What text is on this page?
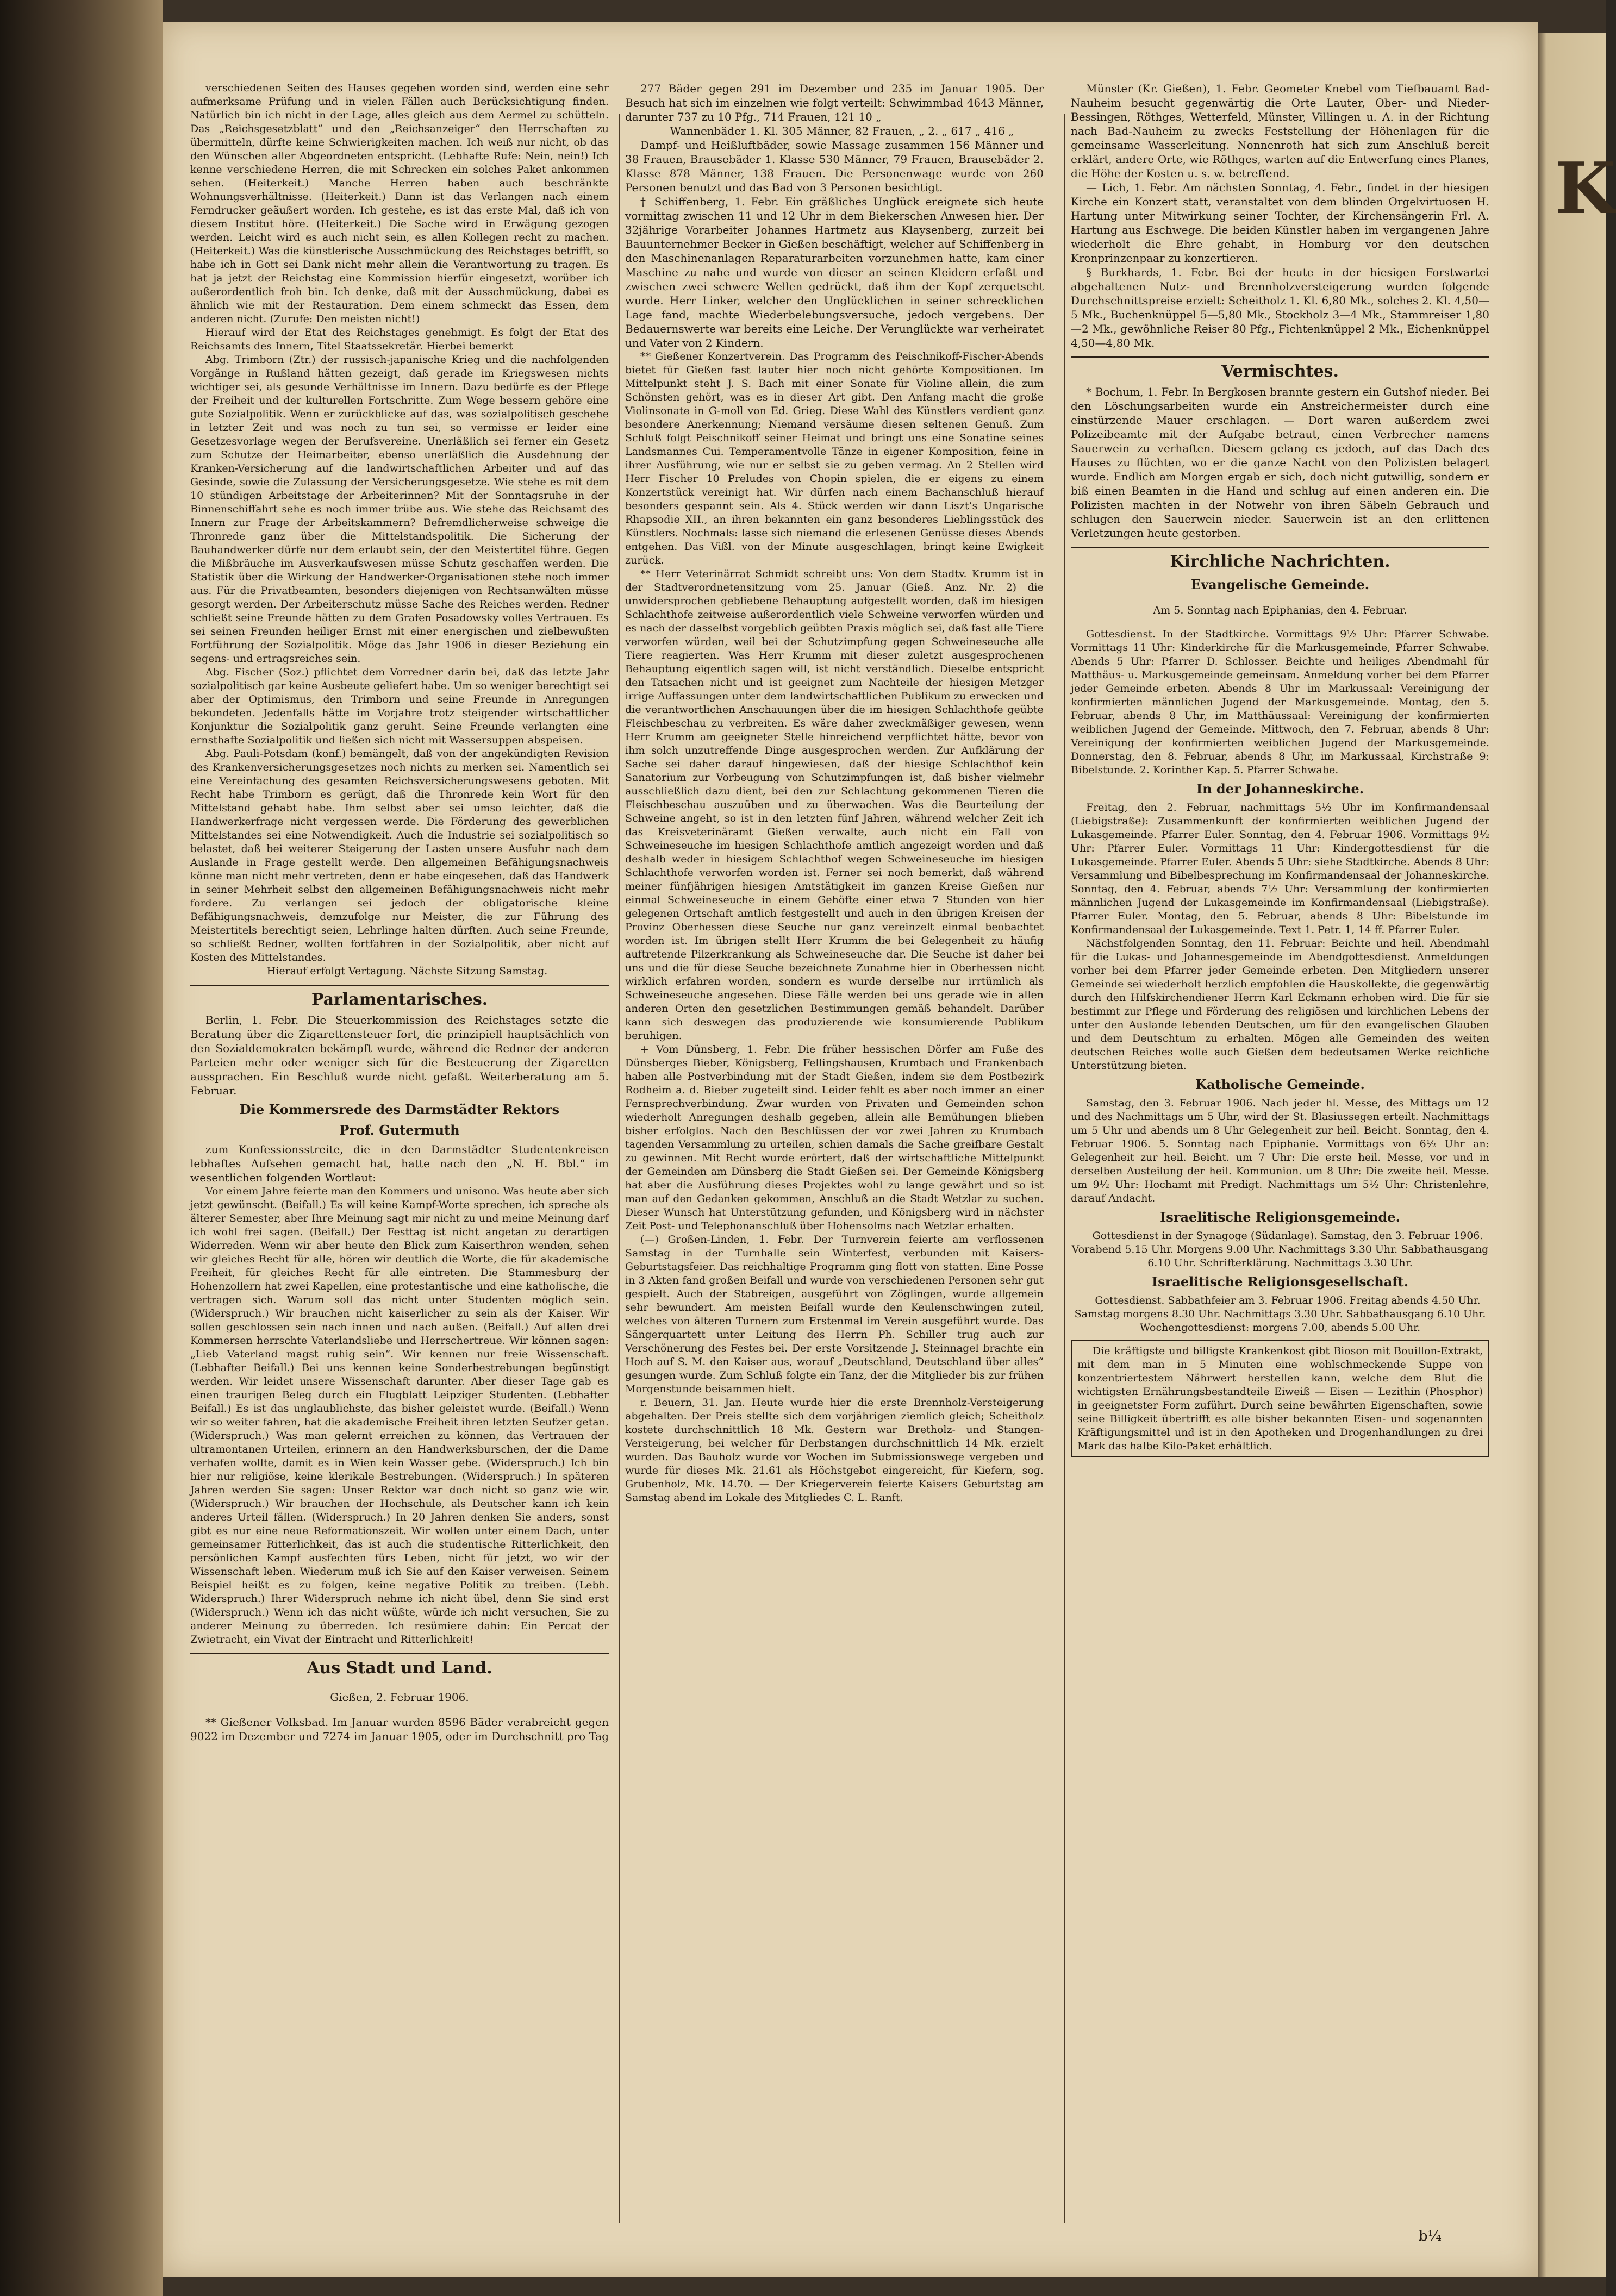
K

verschiedenen Seiten des Hauses gegeben worden sind, werden eine sehr aufmerksame Prüfung und in vielen Fällen auch Berücksichtigung finden. Natürlich bin ich nicht in der Lage, alles gleich aus dem Aermel zu schütteln. Das „Reichsgesetzblatt“ und den „Reichsanzeiger“ den Herrschaften zu übermitteln, dürfte keine Schwierigkeiten machen. Ich weiß nur nicht, ob das den Wünschen aller Abgeordneten entspricht. (Lebhafte Rufe: Nein, nein!) Ich kenne verschiedene Herren, die mit Schrecken ein solches Paket ankommen sehen. (Heiterkeit.) Manche Herren haben auch beschränkte Wohnungsverhältnisse. (Heiterkeit.) Dann ist das Verlangen nach einem Ferndrucker geäußert worden. Ich gestehe, es ist das erste Mal, daß ich von diesem Institut höre. (Heiterkeit.) Die Sache wird in Erwägung gezogen werden. Leicht wird es auch nicht sein, es allen Kollegen recht zu machen. (Heiterkeit.) Was die künstlerische Ausschmückung des Reichstages betrifft, so habe ich in Gott sei Dank nicht mehr allein die Verantwortung zu tragen. Es hat ja jetzt der Reichstag eine Kommission hierfür eingesetzt, worüber ich außerordentlich froh bin. Ich denke, daß mit der Ausschmückung, dabei es ähnlich wie mit der Restauration. Dem einem schmeckt das Essen, dem anderen nicht. (Zurufe: Den meisten nicht!)

Hierauf wird der Etat des Reichstages genehmigt. Es folgt der Etat des Reichsamts des Innern, Titel Staatssekretär. Hierbei bemerkt

Abg. Trimborn (Ztr.) der russisch-japanische Krieg und die nachfolgenden Vorgänge in Rußland hätten gezeigt, daß gerade im Kriegswesen nichts wichtiger sei, als gesunde Verhältnisse im Innern. Dazu bedürfe es der Pflege der Freiheit und der kulturellen Fortschritte. Zum Wege bessern gehöre eine gute Sozialpolitik. Wenn er zurückblicke auf das, was sozialpolitisch geschehe in letzter Zeit und was noch zu tun sei, so vermisse er leider eine Gesetzesvorlage wegen der Berufsvereine. Unerläßlich sei ferner ein Gesetz zum Schutze der Heimarbeiter, ebenso unerläßlich die Ausdehnung der Kranken-Versicherung auf die landwirtschaftlichen Arbeiter und auf das Gesinde, sowie die Zulassung der Versicherungsgesetze. Wie stehe es mit dem 10 stündigen Arbeitstage der Arbeiterinnen? Mit der Sonntagsruhe in der Binnenschiffahrt sehe es noch immer trübe aus. Wie stehe das Reichsamt des Innern zur Frage der Arbeitskammern? Befremdlicherweise schweige die Thronrede ganz über die Mittelstandspolitik. Die Sicherung der Bauhandwerker dürfe nur dem erlaubt sein, der den Meistertitel führe. Gegen die Mißbräuche im Ausverkaufswesen müsse Schutz geschaffen werden. Die Statistik über die Wirkung der Handwerker-Organisationen stehe noch immer aus. Für die Privatbeamten, besonders diejenigen von Rechtsanwälten müsse gesorgt werden. Der Arbeiterschutz müsse Sache des Reiches werden. Redner schließt seine Freunde hätten zu dem Grafen Posadowsky volles Vertrauen. Es sei seinen Freunden heiliger Ernst mit einer energischen und zielbewußten Fortführung der Sozialpolitik. Möge das Jahr 1906 in dieser Beziehung ein segens- und ertragsreiches sein.

Abg. Fischer (Soz.) pflichtet dem Vorredner darin bei, daß das letzte Jahr sozialpolitisch gar keine Ausbeute geliefert habe. Um so weniger berechtigt sei aber der Optimismus, den Trimborn und seine Freunde in Anregungen bekundeten. Jedenfalls hätte im Vorjahre trotz steigender wirtschaftlicher Konjunktur die Sozialpolitik ganz geruht. Seine Freunde verlangten eine ernsthafte Sozialpolitik und ließen sich nicht mit Wassersuppen abspeisen.

Abg. Pauli-Potsdam (konf.) bemängelt, daß von der angekündigten Revision des Krankenversicherungsgesetzes noch nichts zu merken sei. Namentlich sei eine Vereinfachung des gesamten Reichsversicherungswesens geboten. Mit Recht habe Trimborn es gerügt, daß die Thronrede kein Wort für den Mittelstand gehabt habe. Ihm selbst aber sei umso leichter, daß die Handwerkerfrage nicht vergessen werde. Die Förderung des gewerblichen Mittelstandes sei eine Notwendigkeit. Auch die Industrie sei sozialpolitisch so belastet, daß bei weiterer Steigerung der Lasten unsere Ausfuhr nach dem Auslande in Frage gestellt werde. Den allgemeinen Befähigungsnachweis könne man nicht mehr vertreten, denn er habe eingesehen, daß das Handwerk in seiner Mehrheit selbst den allgemeinen Befähigungsnachweis nicht mehr fordere. Zu verlangen sei jedoch der obligatorische kleine Befähigungsnachweis, demzufolge nur Meister, die zur Führung des Meistertitels berechtigt seien, Lehrlinge halten dürften. Auch seine Freunde, so schließt Redner, wollten fortfahren in der Sozialpolitik, aber nicht auf Kosten des Mittelstandes.

Hierauf erfolgt Vertagung. Nächste Sitzung Samstag.

Parlamentarisches.

Berlin, 1. Febr. Die Steuerkommission des Reichstages setzte die Beratung über die Zigarettensteuer fort, die prinzipiell hauptsächlich von den Sozialdemokraten bekämpft wurde, während die Redner der anderen Parteien mehr oder weniger sich für die Besteuerung der Zigaretten aussprachen. Ein Beschluß wurde nicht gefaßt. Weiterberatung am 5. Februar.

Die Kommersrede des Darmstädter Rektors
Prof. Gutermuth

zum Konfessionsstreite, die in den Darmstädter Studentenkreisen lebhaftes Aufsehen gemacht hat, hatte nach den „N. H. Bbl.“ im wesentlichen folgenden Wortlaut:

Vor einem Jahre feierte man den Kommers und unisono. Was heute aber sich jetzt gewünscht. (Beifall.) Es will keine Kampf-Worte sprechen, ich spreche als älterer Semester, aber Ihre Meinung sagt mir nicht zu und meine Meinung darf ich wohl frei sagen. (Beifall.) Der Festtag ist nicht angetan zu derartigen Widerreden. Wenn wir aber heute den Blick zum Kaiserthron wenden, sehen wir gleiches Recht für alle, hören wir deutlich die Worte, die für akademische Freiheit, für gleiches Recht für alle eintreten. Die Stammesburg der Hohenzollern hat zwei Kapellen, eine protestantische und eine katholische, die vertragen sich. Warum soll das nicht unter Studenten möglich sein. (Widerspruch.) Wir brauchen nicht kaiserlicher zu sein als der Kaiser. Wir sollen geschlossen sein nach innen und nach außen. (Beifall.) Auf allen drei Kommersen herrschte Vaterlandsliebe und Herrschertreue. Wir können sagen: „Lieb Vaterland magst ruhig sein“. Wir kennen nur freie Wissenschaft. (Lebhafter Beifall.) Bei uns kennen keine Sonderbestrebungen begünstigt werden. Wir leidet unsere Wissenschaft darunter. Aber dieser Tage gab es einen traurigen Beleg durch ein Flugblatt Leipziger Studenten. (Lebhafter Beifall.) Es ist das unglaublichste, das bisher geleistet wurde. (Beifall.) Wenn wir so weiter fahren, hat die akademische Freiheit ihren letzten Seufzer getan. (Widerspruch.) Was man gelernt erreichen zu können, das Vertrauen der ultramontanen Urteilen, erinnern an den Handwerksburschen, der die Dame verhafen wollte, damit es in Wien kein Wasser gebe. (Widerspruch.) Ich bin hier nur religiöse, keine klerikale Bestrebungen. (Widerspruch.) In späteren Jahren werden Sie sagen: Unser Rektor war doch nicht so ganz wie wir. (Widerspruch.) Wir brauchen der Hochschule, als Deutscher kann ich kein anderes Urteil fällen. (Widerspruch.) In 20 Jahren denken Sie anders, sonst gibt es nur eine neue Reformationszeit. Wir wollen unter einem Dach, unter gemeinsamer Ritterlichkeit, das ist auch die studentische Ritterlichkeit, den persönlichen Kampf ausfechten fürs Leben, nicht für jetzt, wo wir der Wissenschaft leben. Wiederum muß ich Sie auf den Kaiser verweisen. Seinem Beispiel heißt es zu folgen, keine negative Politik zu treiben. (Lebh. Widerspruch.) Ihrer Widerspruch nehme ich nicht übel, denn Sie sind erst (Widerspruch.) Wenn ich das nicht wüßte, würde ich nicht versuchen, Sie zu anderer Meinung zu überreden. Ich resümiere dahin: Ein Percat der Zwietracht, ein Vivat der Eintracht und Ritterlichkeit!

Aus Stadt und Land.

Gießen, 2. Februar 1906.

** Gießener Volksbad. Im Januar wurden 8596 Bäder verabreicht gegen 9022 im Dezember und 7274 im Januar 1905, oder im Durchschnitt pro Tag

277 Bäder gegen 291 im Dezember und 235 im Januar 1905. Der Besuch hat sich im einzelnen wie folgt verteilt: Schwimmbad 4643 Männer, darunter 737 zu 10 Pfg., 714 Frauen, 121 10 „

Wannenbäder 1. Kl. 305 Männer, 82 Frauen, „ 2. „ 617 „ 416 „

Dampf- und Heißluftbäder, sowie Massage zusammen 156 Männer und 38 Frauen, Brausebäder 1. Klasse 530 Männer, 79 Frauen, Brausebäder 2. Klasse 878 Männer, 138 Frauen. Die Personenwage wurde von 260 Personen benutzt und das Bad von 3 Personen besichtigt.

† Schiffenberg, 1. Febr. Ein gräßliches Unglück ereignete sich heute vormittag zwischen 11 und 12 Uhr in dem Biekerschen Anwesen hier. Der 32jährige Vorarbeiter Johannes Hartmetz aus Klaysenberg, zurzeit bei Bauunternehmer Becker in Gießen beschäftigt, welcher auf Schiffenberg in den Maschinenanlagen Reparaturarbeiten vorzunehmen hatte, kam einer Maschine zu nahe und wurde von dieser an seinen Kleidern erfaßt und zwischen zwei schwere Wellen gedrückt, daß ihm der Kopf zerquetscht wurde. Herr Linker, welcher den Unglücklichen in seiner schrecklichen Lage fand, machte Wiederbelebungsversuche, jedoch vergebens. Der Bedauernswerte war bereits eine Leiche. Der Verunglückte war verheiratet und Vater von 2 Kindern.

** Gießener Konzertverein. Das Programm des Peischnikoff-Fischer-Abends bietet für Gießen fast lauter hier noch nicht gehörte Kompositionen. Im Mittelpunkt steht J. S. Bach mit einer Sonate für Violine allein, die zum Schönsten gehört, was es in dieser Art gibt. Den Anfang macht die große Violinsonate in G-moll von Ed. Grieg. Diese Wahl des Künstlers verdient ganz besondere Anerkennung; Niemand versäume diesen seltenen Genuß. Zum Schluß folgt Peischnikoff seiner Heimat und bringt uns eine Sonatine seines Landsmannes Cui. Temperamentvolle Tänze in eigener Komposition, feine in ihrer Ausführung, wie nur er selbst sie zu geben vermag. An 2 Stellen wird Herr Fischer 10 Preludes von Chopin spielen, die er eigens zu einem Konzertstück vereinigt hat. Wir dürfen nach einem Bachanschluß hierauf besonders gespannt sein. Als 4. Stück werden wir dann Liszt’s Ungarische Rhapsodie XII., an ihren bekannten ein ganz besonderes Lieblingsstück des Künstlers. Nochmals: lasse sich niemand die erlesenen Genüsse dieses Abends entgehen. Das Vißl. von der Minute ausgeschlagen, bringt keine Ewigkeit zurück.

** Herr Veterinärrat Schmidt schreibt uns: Von dem Stadtv. Krumm ist in der Stadtverordnetensitzung vom 25. Januar (Gieß. Anz. Nr. 2) die unwidersprochen gebliebene Behauptung aufgestellt worden, daß im hiesigen Schlachthofe zeitweise außerordentlich viele Schweine verworfen würden und es nach der dasselbst vorgeblich geübten Praxis möglich sei, daß fast alle Tiere verworfen würden, weil bei der Schutzimpfung gegen Schweineseuche alle Tiere reagierten. Was Herr Krumm mit dieser zuletzt ausgesprochenen Behauptung eigentlich sagen will, ist nicht verständlich. Dieselbe entspricht den Tatsachen nicht und ist geeignet zum Nachteile der hiesigen Metzger irrige Auffassungen unter dem landwirtschaftlichen Publikum zu erwecken und die verantwortlichen Anschauungen über die im hiesigen Schlachthofe geübte Fleischbeschau zu verbreiten. Es wäre daher zweckmäßiger gewesen, wenn Herr Krumm am geeigneter Stelle hinreichend verpflichtet hätte, bevor von ihm solch unzutreffende Dinge ausgesprochen werden. Zur Aufklärung der Sache sei daher darauf hingewiesen, daß der hiesige Schlachthof kein Sanatorium zur Vorbeugung von Schutzimpfungen ist, daß bisher vielmehr ausschließlich dazu dient, bei den zur Schlachtung gekommenen Tieren die Fleischbeschau auszuüben und zu überwachen. Was die Beurteilung der Schweine angeht, so ist in den letzten fünf Jahren, während welcher Zeit ich das Kreisveterinäramt Gießen verwalte, auch nicht ein Fall von Schweineseuche im hiesigen Schlachthofe amtlich angezeigt worden und daß deshalb weder in hiesigem Schlachthof wegen Schweineseuche im hiesigen Schlachthofe verworfen worden ist. Ferner sei noch bemerkt, daß während meiner fünfjährigen hiesigen Amtstätigkeit im ganzen Kreise Gießen nur einmal Schweineseuche in einem Gehöfte einer etwa 7 Stunden von hier gelegenen Ortschaft amtlich festgestellt und auch in den übrigen Kreisen der Provinz Oberhessen diese Seuche nur ganz vereinzelt einmal beobachtet worden ist. Im übrigen stellt Herr Krumm die bei Gelegenheit zu häufig auftretende Pilzerkrankung als Schweineseuche dar. Die Seuche ist daher bei uns und die für diese Seuche bezeichnete Zunahme hier in Oberhessen nicht wirklich erfahren worden, sondern es wurde derselbe nur irrtümlich als Schweineseuche angesehen. Diese Fälle werden bei uns gerade wie in allen anderen Orten den gesetzlichen Bestimmungen gemäß behandelt. Darüber kann sich deswegen das produzierende wie konsumierende Publikum beruhigen.

+ Vom Dünsberg, 1. Febr. Die früher hessischen Dörfer am Fuße des Dünsberges Bieber, Königsberg, Fellingshausen, Krumbach und Frankenbach haben alle Postverbindung mit der Stadt Gießen, indem sie dem Postbezirk Rodheim a. d. Bieber zugeteilt sind. Leider fehlt es aber noch immer an einer Fernsprechverbindung. Zwar wurden von Privaten und Gemeinden schon wiederholt Anregungen deshalb gegeben, allein alle Bemühungen blieben bisher erfolglos. Nach den Beschlüssen der vor zwei Jahren zu Krumbach tagenden Versammlung zu urteilen, schien damals die Sache greifbare Gestalt zu gewinnen. Mit Recht wurde erörtert, daß der wirtschaftliche Mittelpunkt der Gemeinden am Dünsberg die Stadt Gießen sei. Der Gemeinde Königsberg hat aber die Ausführung dieses Projektes wohl zu lange gewährt und so ist man auf den Gedanken gekommen, Anschluß an die Stadt Wetzlar zu suchen. Dieser Wunsch hat Unterstützung gefunden, und Königsberg wird in nächster Zeit Post- und Telephonanschluß über Hohensolms nach Wetzlar erhalten.

(—) Großen-Linden, 1. Febr. Der Turnverein feierte am verflossenen Samstag in der Turnhalle sein Winterfest, verbunden mit Kaisers-Geburtstagsfeier. Das reichhaltige Programm ging flott von statten. Eine Posse in 3 Akten fand großen Beifall und wurde von verschiedenen Personen sehr gut gespielt. Auch der Stabreigen, ausgeführt von Zöglingen, wurde allgemein sehr bewundert. Am meisten Beifall wurde den Keulenschwingen zuteil, welches von älteren Turnern zum Erstenmal im Verein ausgeführt wurde. Das Sängerquartett unter Leitung des Herrn Ph. Schiller trug auch zur Verschönerung des Festes bei. Der erste Vorsitzende J. Steinnagel brachte ein Hoch auf S. M. den Kaiser aus, worauf „Deutschland, Deutschland über alles“ gesungen wurde. Zum Schluß folgte ein Tanz, der die Mitglieder bis zur frühen Morgenstunde beisammen hielt.

r. Beuern, 31. Jan. Heute wurde hier die erste Brennholz-Versteigerung abgehalten. Der Preis stellte sich dem vorjährigen ziemlich gleich; Scheitholz kostete durchschnittlich 18 Mk. Gestern war Bretholz- und Stangen-Versteigerung, bei welcher für Derbstangen durchschnittlich 14 Mk. erzielt wurden. Das Bauholz wurde vor Wochen im Submissionswege vergeben und wurde für dieses Mk. 21.61 als Höchstgebot eingereicht, für Kiefern, sog. Grubenholz, Mk. 14.70. — Der Kriegerverein feierte Kaisers Geburtstag am Samstag abend im Lokale des Mitgliedes C. L. Ranft.

Münster (Kr. Gießen), 1. Febr. Geometer Knebel vom Tiefbauamt Bad-Nauheim besucht gegenwärtig die Orte Lauter, Ober- und Nieder-Bessingen, Röthges, Wetterfeld, Münster, Villingen u. A. in der Richtung nach Bad-Nauheim zu zwecks Feststellung der Höhenlagen für die gemeinsame Wasserleitung. Nonnenroth hat sich zum Anschluß bereit erklärt, andere Orte, wie Röthges, warten auf die Entwerfung eines Planes, die Höhe der Kosten u. s. w. betreffend.

— Lich, 1. Febr. Am nächsten Sonntag, 4. Febr., findet in der hiesigen Kirche ein Konzert statt, veranstaltet von dem blinden Orgelvirtuosen H. Hartung unter Mitwirkung seiner Tochter, der Kirchensängerin Frl. A. Hartung aus Eschwege. Die beiden Künstler haben im vergangenen Jahre wiederholt die Ehre gehabt, in Homburg vor den deutschen Kronprinzenpaar zu konzertieren.

§ Burkhards, 1. Febr. Bei der heute in der hiesigen Forstwartei abgehaltenen Nutz- und Brennholzversteigerung wurden folgende Durchschnittspreise erzielt: Scheitholz 1. Kl. 6,80 Mk., solches 2. Kl. 4,50—5 Mk., Buchenknüppel 5—5,80 Mk., Stockholz 3—4 Mk., Stammreiser 1,80—2 Mk., gewöhnliche Reiser 80 Pfg., Fichtenknüppel 2 Mk., Eichenknüppel 4,50—4,80 Mk.

Vermischtes.

* Bochum, 1. Febr. In Bergkosen brannte gestern ein Gutshof nieder. Bei den Löschungsarbeiten wurde ein Anstreichermeister durch eine einstürzende Mauer erschlagen. — Dort waren außerdem zwei Polizeibeamte mit der Aufgabe betraut, einen Verbrecher namens Sauerwein zu verhaften. Diesem gelang es jedoch, auf das Dach des Hauses zu flüchten, wo er die ganze Nacht von den Polizisten belagert wurde. Endlich am Morgen ergab er sich, doch nicht gutwillig, sondern er biß einen Beamten in die Hand und schlug auf einen anderen ein. Die Polizisten machten in der Notwehr von ihren Säbeln Gebrauch und schlugen den Sauerwein nieder. Sauerwein ist an den erlittenen Verletzungen heute gestorben.

Kirchliche Nachrichten.
Evangelische Gemeinde.

Am 5. Sonntag nach Epiphanias, den 4. Februar.

Gottesdienst. In der Stadtkirche. Vormittags 9½ Uhr: Pfarrer Schwabe. Vormittags 11 Uhr: Kinderkirche für die Markusgemeinde, Pfarrer Schwabe. Abends 5 Uhr: Pfarrer D. Schlosser. Beichte und heiliges Abendmahl für Matthäus- u. Markusgemeinde gemeinsam. Anmeldung vorher bei dem Pfarrer jeder Gemeinde erbeten. Abends 8 Uhr im Markussaal: Vereinigung der konfirmierten männlichen Jugend der Markusgemeinde. Montag, den 5. Februar, abends 8 Uhr, im Matthäussaal: Vereinigung der konfirmierten weiblichen Jugend der Gemeinde. Mittwoch, den 7. Februar, abends 8 Uhr: Vereinigung der konfirmierten weiblichen Jugend der Markusgemeinde. Donnerstag, den 8. Februar, abends 8 Uhr, im Markussaal, Kirchstraße 9: Bibelstunde. 2. Korinther Kap. 5. Pfarrer Schwabe.

In der Johanneskirche.

Freitag, den 2. Februar, nachmittags 5½ Uhr im Konfirmandensaal (Liebigstraße): Zusammenkunft der konfirmierten weiblichen Jugend der Lukasgemeinde. Pfarrer Euler. Sonntag, den 4. Februar 1906. Vormittags 9½ Uhr: Pfarrer Euler. Vormittags 11 Uhr: Kindergottesdienst für die Lukasgemeinde. Pfarrer Euler. Abends 5 Uhr: siehe Stadtkirche. Abends 8 Uhr: Versammlung und Bibelbesprechung im Konfirmandensaal der Johanneskirche. Sonntag, den 4. Februar, abends 7½ Uhr: Versammlung der konfirmierten männlichen Jugend der Lukasgemeinde im Konfirmandensaal (Liebigstraße). Pfarrer Euler. Montag, den 5. Februar, abends 8 Uhr: Bibelstunde im Konfirmandensaal der Lukasgemeinde. Text 1. Petr. 1, 14 ff. Pfarrer Euler.

Nächstfolgenden Sonntag, den 11. Februar: Beichte und heil. Abendmahl für die Lukas- und Johannesgemeinde im Abendgottesdienst. Anmeldungen vorher bei dem Pfarrer jeder Gemeinde erbeten. Den Mitgliedern unserer Gemeinde sei wiederholt herzlich empfohlen die Hauskollekte, die gegenwärtig durch den Hilfskirchendiener Herrn Karl Eckmann erhoben wird. Die für sie bestimmt zur Pflege und Förderung des religiösen und kirchlichen Lebens der unter den Auslande lebenden Deutschen, um für den evangelischen Glauben und dem Deutschtum zu erhalten. Mögen alle Gemeinden des weiten deutschen Reiches wolle auch Gießen dem bedeutsamen Werke reichliche Unterstützung bieten.

Katholische Gemeinde.

Samstag, den 3. Februar 1906. Nach jeder hl. Messe, des Mittags um 12 und des Nachmittags um 5 Uhr, wird der St. Blasiussegen erteilt. Nachmittags um 5 Uhr und abends um 8 Uhr Gelegenheit zur heil. Beicht. Sonntag, den 4. Februar 1906. 5. Sonntag nach Epiphanie. Vormittags von 6½ Uhr an: Gelegenheit zur heil. Beicht. um 7 Uhr: Die erste heil. Messe, vor und in derselben Austeilung der heil. Kommunion. um 8 Uhr: Die zweite heil. Messe. um 9½ Uhr: Hochamt mit Predigt. Nachmittags um 5½ Uhr: Christenlehre, darauf Andacht.

Israelitische Religionsgemeinde.

Gottesdienst in der Synagoge (Südanlage). Samstag, den 3. Februar 1906. Vorabend 5.15 Uhr. Morgens 9.00 Uhr. Nachmittags 3.30 Uhr. Sabbathausgang 6.10 Uhr. Schrifterklärung. Nachmittags 3.30 Uhr.

Israelitische Religionsgesellschaft.

Gottesdienst. Sabbathfeier am 3. Februar 1906. Freitag abends 4.50 Uhr. Samstag morgens 8.30 Uhr. Nachmittags 3.30 Uhr. Sabbathausgang 6.10 Uhr. Wochengottesdienst: morgens 7.00, abends 5.00 Uhr.

Die kräftigste und billigste Krankenkost gibt Bioson mit Bouillon-Extrakt, mit dem man in 5 Minuten eine wohlschmeckende Suppe von konzentriertestem Nährwert herstellen kann, welche dem Blut die wichtigsten Ernährungsbestandteile Eiweiß — Eisen — Lezithin (Phosphor) in geeignetster Form zuführt. Durch seine bewährten Eigenschaften, sowie seine Billigkeit übertrifft es alle bisher bekannten Eisen- und sogenannten Kräftigungsmittel und ist in den Apotheken und Drogenhandlungen zu drei Mark das halbe Kilo-Paket erhältlich.
b¼
